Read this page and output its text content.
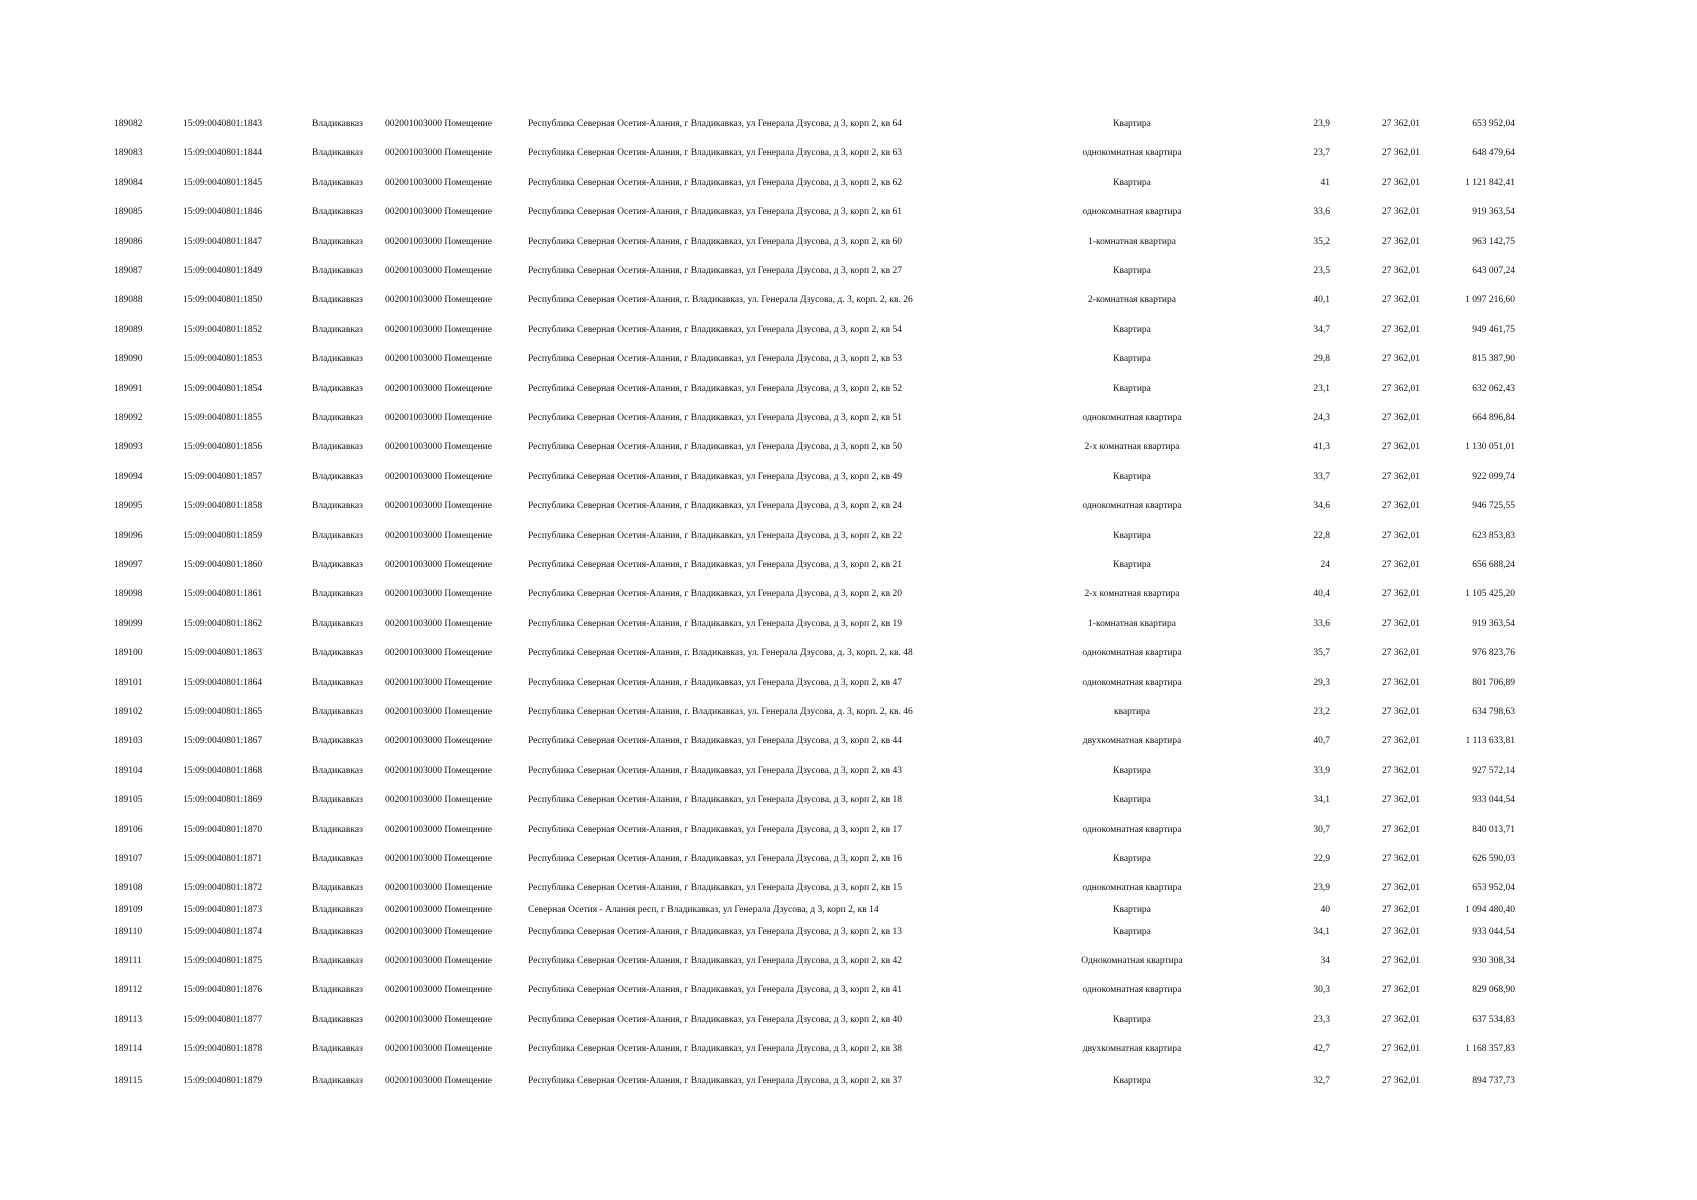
189082	15:09:0040801:1843	Владикавказ 002001003000 Помещение	Республика Северная Осетия-Алания, г Владикавказ, ул Генерала Дзусова, д 3, корп 2, кв 64	Квартира	23,9	27 362,01	653 952,04
189083	15:09:0040801:1844	Владикавказ 002001003000 Помещение	Республика Северная Осетия-Алания, г Владикавказ, ул Генерала Дзусова, д 3, корп 2, кв 63	однокомнатная квартира	23,7	27 362,01	648 479,64
189084	15:09:0040801:1845	Владикавказ 002001003000 Помещение	Республика Северная Осетия-Алания, г Владикавказ, ул Генерала Дзусова, д 3, корп 2, кв 62	Квартира	41	27 362,01	1 121 842,41
189085	15:09:0040801:1846	Владикавказ 002001003000 Помещение	Республика Северная Осетия-Алания, г Владикавказ, ул Генерала Дзусова, д 3, корп 2, кв 61	однокомнатная квартира	33,6	27 362,01	919 363,54
189086	15:09:0040801:1847	Владикавказ 002001003000 Помещение	Республика Северная Осетия-Алания, г Владикавказ, ул Генерала Дзусова, д 3, корп 2, кв 60	1-комнатная квартира	35,2	27 362,01	963 142,75
189087	15:09:0040801:1849	Владикавказ 002001003000 Помещение	Республика Северная Осетия-Алания, г Владикавказ, ул Генерала Дзусова, д 3, корп 2, кв 27	Квартира	23,5	27 362,01	643 007,24
189088	15:09:0040801:1850	Владикавказ 002001003000 Помещение	Республика Северная Осетия-Алания, г. Владикавказ, ул. Генерала Дзусова, д. 3, корп. 2, кв. 26	2-комнатная квартира	40,1	27 362,01	1 097 216,60
189089	15:09:0040801:1852	Владикавказ 002001003000 Помещение	Республика Северная Осетия-Алания, г Владикавказ, ул Генерала Дзусова, д 3, корп 2, кв 54	Квартира	34,7	27 362,01	949 461,75
189090	15:09:0040801:1853	Владикавказ 002001003000 Помещение	Республика Северная Осетия-Алания, г Владикавказ, ул Генерала Дзусова, д 3, корп 2, кв 53	Квартира	29,8	27 362,01	815 387,90
189091	15:09:0040801:1854	Владикавказ 002001003000 Помещение	Республика Северная Осетия-Алания, г Владикавказ, ул Генерала Дзусова, д 3, корп 2, кв 52	Квартира	23,1	27 362,01	632 062,43
189092	15:09:0040801:1855	Владикавказ 002001003000 Помещение	Республика Северная Осетия-Алания, г Владикавказ, ул Генерала Дзусова, д 3, корп 2, кв 51	однокомнатная квартира	24,3	27 362,01	664 896,84
189093	15:09:0040801:1856	Владикавказ 002001003000 Помещение	Республика Северная Осетия-Алания, г Владикавказ, ул Генерала Дзусова, д 3, корп 2, кв 50	2-х комнатная квартира	41,3	27 362,01	1 130 051,01
189094	15:09:0040801:1857	Владикавказ 002001003000 Помещение	Республика Северная Осетия-Алания, г Владикавказ, ул Генерала Дзусова, д 3, корп 2, кв 49	Квартира	33,7	27 362,01	922 099,74
189095	15:09:0040801:1858	Владикавказ 002001003000 Помещение	Республика Северная Осетия-Алания, г Владикавказ, ул Генерала Дзусова, д 3, корп 2, кв 24	однокомнатная квартира	34,6	27 362,01	946 725,55
189096	15:09:0040801:1859	Владикавказ 002001003000 Помещение	Республика Северная Осетия-Алания, г Владикавказ, ул Генерала Дзусова, д 3, корп 2, кв 22	Квартира	22,8	27 362,01	623 853,83
189097	15:09:0040801:1860	Владикавказ 002001003000 Помещение	Республика Северная Осетия-Алания, г Владикавказ, ул Генерала Дзусова, д 3, корп 2, кв 21	Квартира	24	27 362,01	656 688,24
189098	15:09:0040801:1861	Владикавказ 002001003000 Помещение	Республика Северная Осетия-Алания, г Владикавказ, ул Генерала Дзусова, д 3, корп 2, кв 20	2-х комнатная квартира	40,4	27 362,01	1 105 425,20
189099	15:09:0040801:1862	Владикавказ 002001003000 Помещение	Республика Северная Осетия-Алания, г Владикавказ, ул Генерала Дзусова, д 3, корп 2, кв 19	1-комнатная квартира	33,6	27 362,01	919 363,54
189100	15:09:0040801:1863	Владикавказ 002001003000 Помещение	Республика Северная Осетия-Алания, г. Владикавказ, ул. Генерала Дзусова, д. 3, корп. 2, кв. 48	однокомнатная квартира	35,7	27 362,01	976 823,76
189101	15:09:0040801:1864	Владикавказ 002001003000 Помещение	Республика Северная Осетия-Алания, г Владикавказ, ул Генерала Дзусова, д 3, корп 2, кв 47	однокомнатная квартира	29,3	27 362,01	801 706,89
189102	15:09:0040801:1865	Владикавказ 002001003000 Помещение	Республика Северная Осетия-Алания, г. Владикавказ, ул. Генерала Дзусова, д. 3, корп. 2, кв. 46	квартира	23,2	27 362,01	634 798,63
189103	15:09:0040801:1867	Владикавказ 002001003000 Помещение	Республика Северная Осетия-Алания, г Владикавказ, ул Генерала Дзусова, д 3, корп 2, кв 44	двухкомнатная квартира	40,7	27 362,01	1 113 633,81
189104	15:09:0040801:1868	Владикавказ 002001003000 Помещение	Республика Северная Осетия-Алания, г Владикавказ, ул Генерала Дзусова, д 3, корп 2, кв 43	Квартира	33,9	27 362,01	927 572,14
189105	15:09:0040801:1869	Владикавказ 002001003000 Помещение	Республика Северная Осетия-Алания, г Владикавказ, ул Генерала Дзусова, д 3, корп 2, кв 18	Квартира	34,1	27 362,01	933 044,54
189106	15:09:0040801:1870	Владикавказ 002001003000 Помещение	Республика Северная Осетия-Алания, г Владикавказ, ул Генерала Дзусова, д 3, корп 2, кв 17	однокомнатная квартира	30,7	27 362,01	840 013,71
189107	15:09:0040801:1871	Владикавказ 002001003000 Помещение	Республика Северная Осетия-Алания, г Владикавказ, ул Генерала Дзусова, д 3, корп 2, кв 16	Квартира	22,9	27 362,01	626 590,03
189108	15:09:0040801:1872	Владикавказ 002001003000 Помещение	Республика Северная Осетия-Алания, г Владикавказ, ул Генерала Дзусова, д 3, корп 2, кв 15	однокомнатная квартира	23,9	27 362,01	653 952,04
189109	15:09:0040801:1873	Владикавказ 002001003000 Помещение	Северная Осетия - Алания респ, г Владикавказ, ул Генерала Дзусова, д 3, корп 2, кв 14	Квартира	40	27 362,01	1 094 480,40
189110	15:09:0040801:1874	Владикавказ 002001003000 Помещение	Республика Северная Осетия-Алания, г Владикавказ, ул Генерала Дзусова, д 3, корп 2, кв 13	Квартира	34,1	27 362,01	933 044,54
189111	15:09:0040801:1875	Владикавказ 002001003000 Помещение	Республика Северная Осетия-Алания, г Владикавказ, ул Генерала Дзусова, д 3, корп 2, кв 42	Однокомнатная квартира	34	27 362,01	930 308,34
189112	15:09:0040801:1876	Владикавказ 002001003000 Помещение	Республика Северная Осетия-Алания, г Владикавказ, ул Генерала Дзусова, д 3, корп 2, кв 41	однокомнатная квартира	30,3	27 362,01	829 068,90
189113	15:09:0040801:1877	Владикавказ 002001003000 Помещение	Республика Северная Осетия-Алания, г Владикавказ, ул Генерала Дзусова, д 3, корп 2, кв 40	Квартира	23,3	27 362,01	637 534,83
189114	15:09:0040801:1878	Владикавказ 002001003000 Помещение	Республика Северная Осетия-Алания, г Владикавказ, ул Генерала Дзусова, д 3, корп 2, кв 38	двухкомнатная квартира	42,7	27 362,01	1 168 357,83
189115	15:09:0040801:1879	Владикавказ 002001003000 Помещение	Республика Северная Осетия-Алания, г Владикавказ, ул Генерала Дзусова, д 3, корп 2, кв 37	Квартира	32,7	27 362,01	894 737,73
